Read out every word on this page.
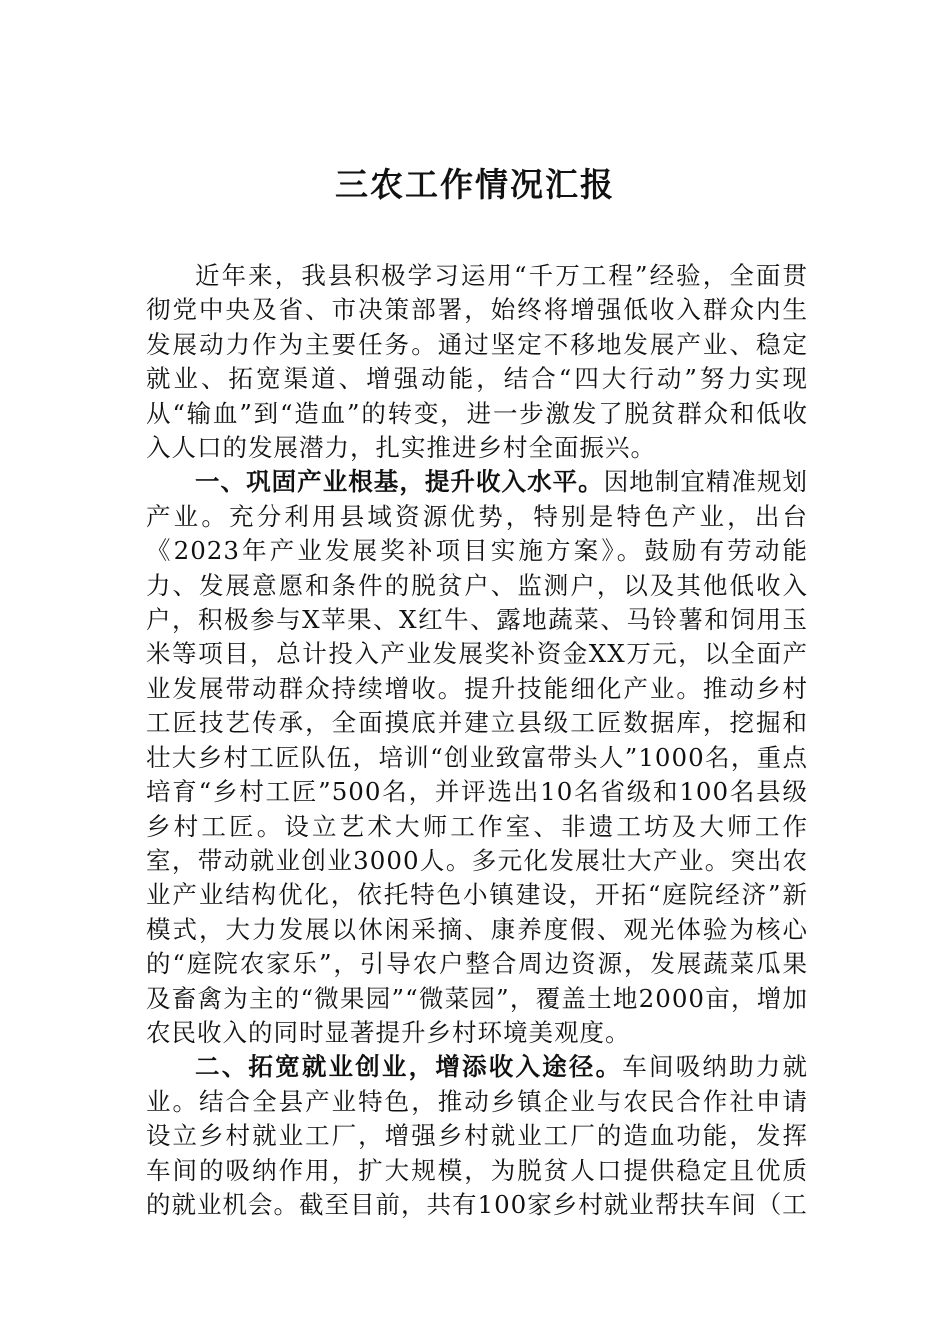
三农工作情况汇报

近年来，我县积极学习运用“千万工程”经验，全面贯彻党中央及省、市决策部署，始终将增强低收入群众内生发展动力作为主要任务。通过坚定不移地发展产业、稳定就业、拓宽渠道、增强动能，结合“四大行动”努力实现从“输血”到“造血”的转变，进一步激发了脱贫群众和低收入人口的发展潜力，扎实推进乡村全面振兴。

一、巩固产业根基，提升收入水平。因地制宜精准规划产业。充分利用县域资源优势，特别是特色产业，出台《2023年产业发展奖补项目实施方案》。鼓励有劳动能力、发展意愿和条件的脱贫户、监测户，以及其他低收入户，积极参与X苹果、X红牛、露地蔬菜、马铃薯和饲用玉米等项目，总计投入产业发展奖补资金XX万元，以全面产业发展带动群众持续增收。提升技能细化产业。推动乡村工匠技艺传承，全面摸底并建立县级工匠数据库，挖掘和壮大乡村工匠队伍，培训“创业致富带头人”1000名，重点培育“乡村工匠”500名，并评选出10名省级和100名县级乡村工匠。设立艺术大师工作室、非遗工坊及大师工作室，带动就业创业3000人。多元化发展壮大产业。突出农业产业结构优化，依托特色小镇建设，开拓“庭院经济”新模式，大力发展以休闲采摘、康养度假、观光体验为核心的“庭院农家乐”，引导农户整合周边资源，发展蔬菜瓜果及畜禽为主的“微果园”“微菜园”，覆盖土地2000亩，增加农民收入的同时显著提升乡村环境美观度。

二、拓宽就业创业，增添收入途径。车间吸纳助力就业。结合全县产业特色，推动乡镇企业与农民合作社申请设立乡村就业工厂，增强乡村就业工厂的造血功能，发挥车间的吸纳作用，扩大规模，为脱贫人口提供稳定且优质的就业机会。截至目前，共有100家乡村就业帮扶车间（工
